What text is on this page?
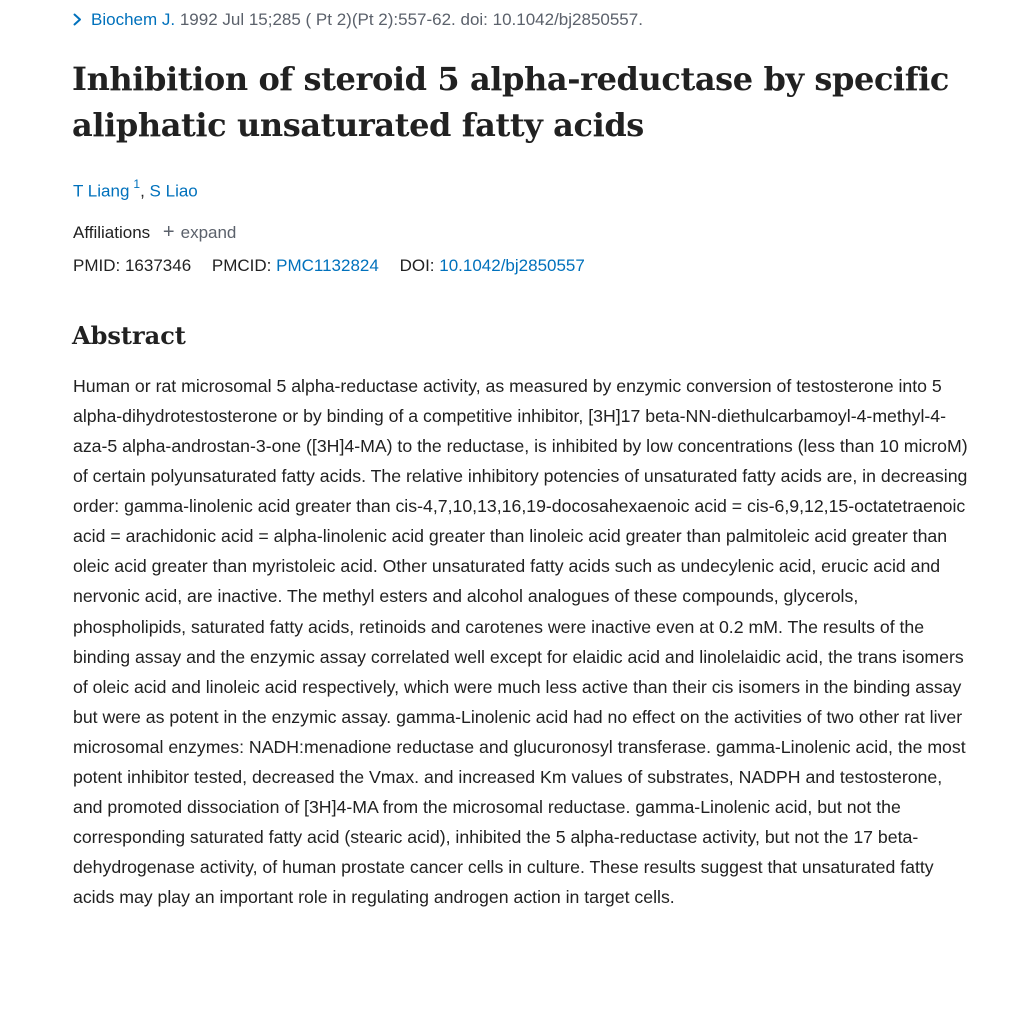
Biochem J. 1992 Jul 15;285 ( Pt 2)(Pt 2):557-62. doi: 10.1042/bj2850557.
Inhibition of steroid 5 alpha-reductase by specific aliphatic unsaturated fatty acids
T Liang $^1$, S Liao
Affiliations + expand
PMID: 1637346 PMCID: PMC1132824 DOI: 10.1042/bj2850557
Abstract

Human or rat microsomal 5 alpha-reductase activity, as measured by enzymic conversion of testosterone into 5 alpha-dihydrotestosterone or by binding of a competitive inhibitor, [3H]17 beta-NN-diethulcarbamoyl-4-methyl-4-aza-5 alpha-androstan-3-one ([3H]4-MA) to the reductase, is inhibited by low concentrations (less than 10 microM) of certain polyunsaturated fatty acids. The relative inhibitory potencies of unsaturated fatty acids are, in decreasing order: gamma-linolenic acid greater than cis-4,7,10,13,16,19-docosahexaenoic acid = cis-6,9,12,15-octatetraenoic acid = arachidonic acid = alpha-linolenic acid greater than linoleic acid greater than palmitoleic acid greater than oleic acid greater than myristoleic acid. Other unsaturated fatty acids such as undecylenic acid, erucic acid and nervonic acid, are inactive. The methyl esters and alcohol analogues of these compounds, glycerols, phospholipids, saturated fatty acids, retinoids and carotenes were inactive even at 0.2 mM. The results of the binding assay and the enzymic assay correlated well except for elaidic acid and linolelaidic acid, the trans isomers of oleic acid and linoleic acid respectively, which were much less active than their cis isomers in the binding assay but were as potent in the enzymic assay. gamma-Linolenic acid had no effect on the activities of two other rat liver microsomal enzymes: NADH:menadione reductase and glucuronosyl transferase. gamma-Linolenic acid, the most potent inhibitor tested, decreased the Vmax. and increased Km values of substrates, NADPH and testosterone, and promoted dissociation of [3H]4-MA from the microsomal reductase. gamma-Linolenic acid, but not the corresponding saturated fatty acid (stearic acid), inhibited the 5 alpha-reductase activity, but not the 17 beta-dehydrogenase activity, of human prostate cancer cells in culture. These results suggest that unsaturated fatty acids may play an important role in regulating androgen action in target cells.
